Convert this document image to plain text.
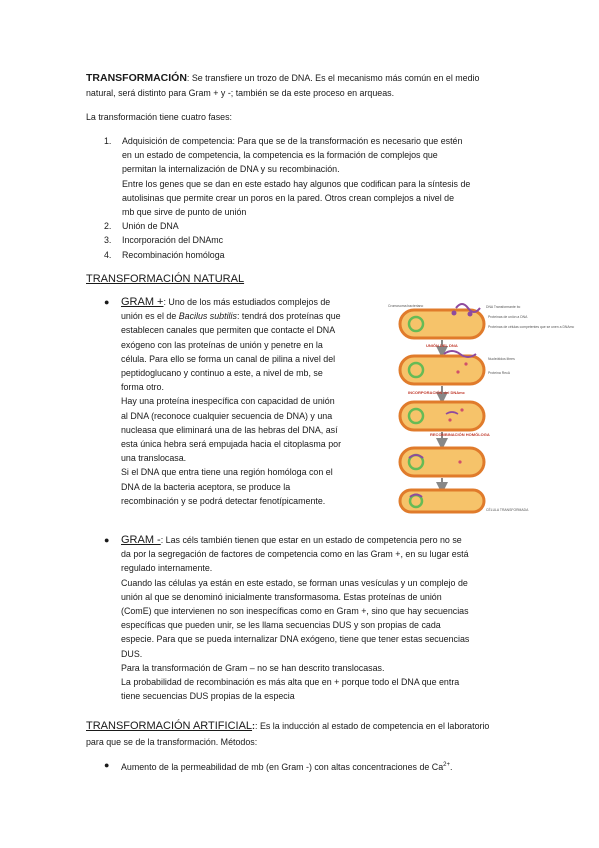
TRANSFORMACIÓN: Se transfiere un trozo de DNA. Es el mecanismo más común en el medio

natural, será distinto para Gram + y -; también se da este proceso en arqueas.

La transformación tiene cuatro fases:

1. Adquisición de competencia: Para que se de la transformación es necesario que estén

en un estado de competencia, la competencia es la formación de complejos que

permitan la internalización de DNA y su recombinación.

Entre los genes que se dan en este estado hay algunos que codifican para la síntesis de

autolisinas que permite crear un poros en la pared. Otros crean complejos a nivel de

mb que sirve de punto de unión

2. Unión de DNA

3. Incorporación del DNAmc

4. Recombinación homóloga

TRANSFORMACIÓN NATURAL

● GRAM +: Uno de los más estudiados complejos de

unión es el de Bacilus subtilis: tendrá dos proteínas que

establecen canales que permiten que contacte el DNA

exógeno con las proteínas de unión y penetre en la

célula. Para ello se forma un canal de pilina a nivel del

peptidoglucano y continuo a este, a nivel de mb, se

forma otro.

Hay una proteína inespecífica con capacidad de unión

al DNA (reconoce cualquier secuencia de DNA) y una

nucleasa que eliminará una de las hebras del DNA, así

esta única hebra será empujada hacia el citoplasma por

una translocasa.

Si el DNA que entra tiene una región homóloga con el

DNA de la bacteria aceptora, se produce la

recombinación y se podrá detectar fenotípicamente.

Cromosoma bacteriano	DNA Transformante bc
Proteínas de unión a DNA
Proteínas de células competentes que se unen a DNAmc
UNIÓN DEL DNA
Nucleótidos libres
Proteína RecA
INCORPORACIÓN del DNAmc
RECOMBINACIÓN HOMÓLOGA
CÉLULA TRANSFORMADA
● GRAM -: Las céls también tienen que estar en un estado de competencia pero no se

da por la segregación de factores de competencia como en las Gram +, en su lugar está

regulado internamente.

Cuando las células ya están en este estado, se forman unas vesículas y un complejo de

unión al que se denominó inicialmente transformasoma. Estas proteínas de unión

(ComE) que intervienen no son inespecíficas como en Gram +, sino que hay secuencias

específicas que pueden unir, se les llama secuencias DUS y son propias de cada

especie. Para que se pueda internalizar DNA exógeno, tiene que tener estas secuencias

DUS.

Para la transformación de Gram – no se han descrito translocasas.

La probabilidad de recombinación es más alta que en + porque todo el DNA que entra

tiene secuencias DUS propias de la especia

TRANSFORMACIÓN ARTIFICIAL:: Es la inducción al estado de competencia en el laboratorio

para que se de la transformación. Métodos:

● Aumento de la permeabilidad de mb (en Gram -) con altas concentraciones de $Ca^{2+}$.
